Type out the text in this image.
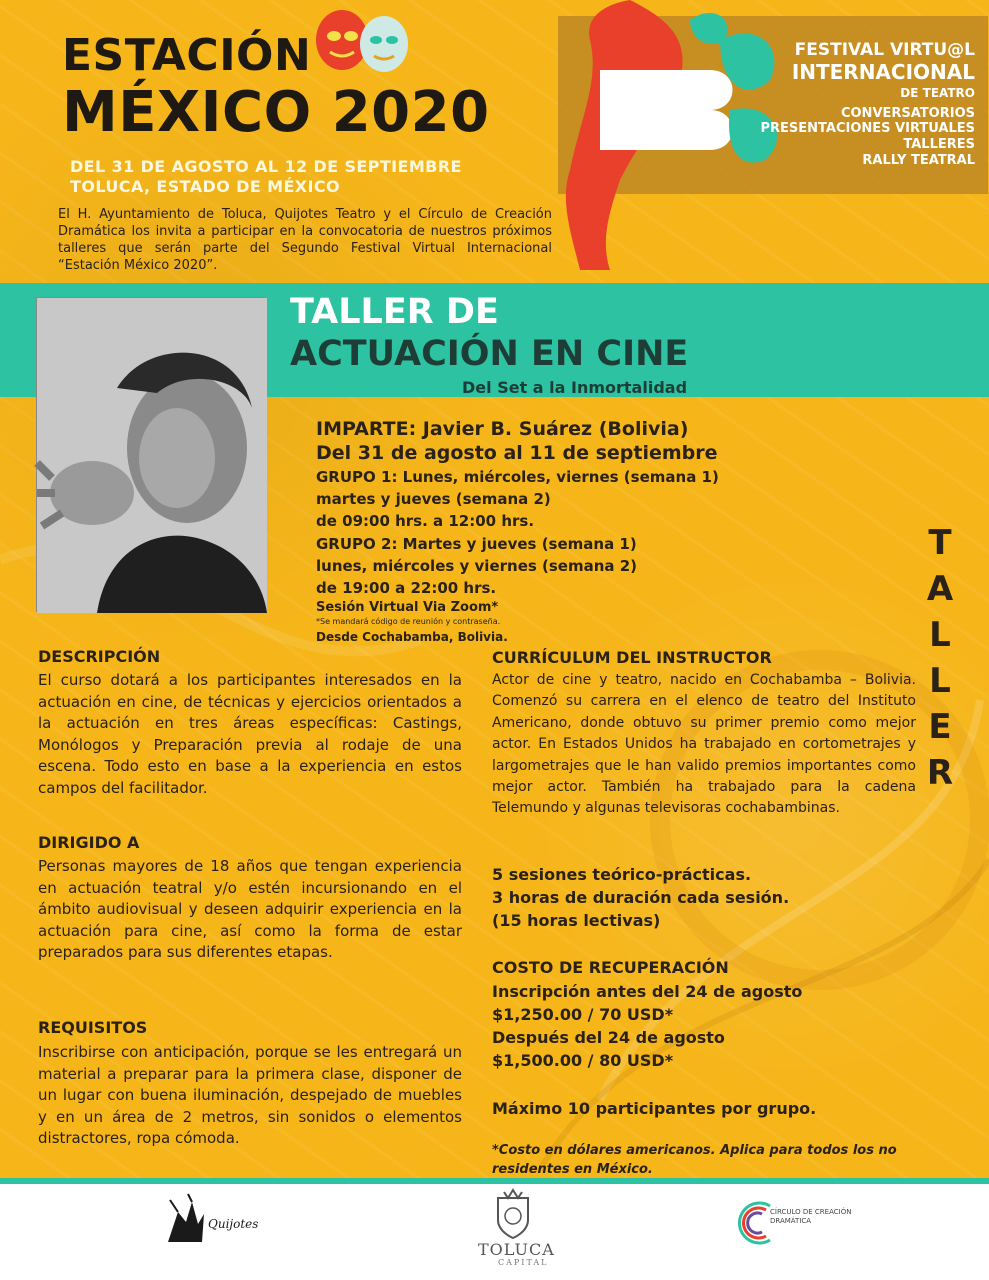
ESTACIÓN
MÉXICO 2020
DEL 31 DE AGOSTO AL 12 DE SEPTIEMBRE
TOLUCA, ESTADO DE MÉXICO
El H. Ayuntamiento de Toluca, Quijotes Teatro y el Círculo de Creación Dramática los invita a participar en la convocatoria de nuestros próximos talleres que serán parte del Segundo Festival Virtual Internacional “Estación México 2020”.
FESTIVAL VIRTU@L
INTERNACIONAL
DE TEATRO
CONVERSATORIOS
PRESENTACIONES VIRTUALES
TALLERES
RALLY TEATRAL
TALLER DE
ACTUACIÓN EN CINE
Del Set a la Inmortalidad
IMPARTE: Javier B. Suárez (Bolivia)
Del 31 de agosto al 11 de septiembre
GRUPO 1: Lunes, miércoles, viernes (semana 1)
martes y jueves (semana 2)
de 09:00 hrs. a 12:00 hrs.
GRUPO 2: Martes y jueves (semana 1)
lunes, miércoles y viernes (semana 2)
de 19:00 a 22:00 hrs.
Sesión Virtual Via Zoom*
*Se mandará código de reunión y contraseña.
Desde Cochabamba, Bolivia.
T
A
L
L
E
R
DESCRIPCIÓN
El curso dotará a los participantes interesados en la actuación en cine, de técnicas y ejercicios orientados a la actuación en tres áreas específicas: Castings, Monólogos y Preparación previa al rodaje de una escena. Todo esto en base a la experiencia en estos campos del facilitador.
DIRIGIDO A
Personas mayores de 18 años que tengan experiencia en actuación teatral y/o estén incursionando en el ámbito audiovisual y deseen adquirir experiencia en la actuación para cine, así como la forma de estar preparados para sus diferentes etapas.
REQUISITOS
Inscribirse con anticipación, porque se les entregará un material a preparar para la primera clase, disponer de un lugar con buena iluminación, despejado de muebles y en un área de 2 metros, sin sonidos o elementos distractores, ropa cómoda.
CURRÍCULUM DEL INSTRUCTOR
Actor de cine y teatro, nacido en Cochabamba – Bolivia. Comenzó su carrera en el elenco de teatro del Instituto Americano, donde obtuvo su primer premio como mejor actor. En Estados Unidos ha trabajado en cortometrajes y largometrajes que le han valido premios importantes como mejor actor. También ha trabajado para la cadena Telemundo y algunas televisoras cochabambinas.
5 sesiones teórico-prácticas.
3 horas de duración cada sesión.
(15 horas lectivas)
COSTO DE RECUPERACIÓN
Inscripción antes del 24 de agosto
$1,250.00 / 70 USD*
Después del 24 de agosto
$1,500.00 / 80 USD*
Máximo 10 participantes por grupo.
*Costo en dólares americanos. Aplica para todos los no residentes en México.
Quijotes
TOLUCA
CAPITAL
CÍRCULO DE CREACIÓN DRAMÁTICA
